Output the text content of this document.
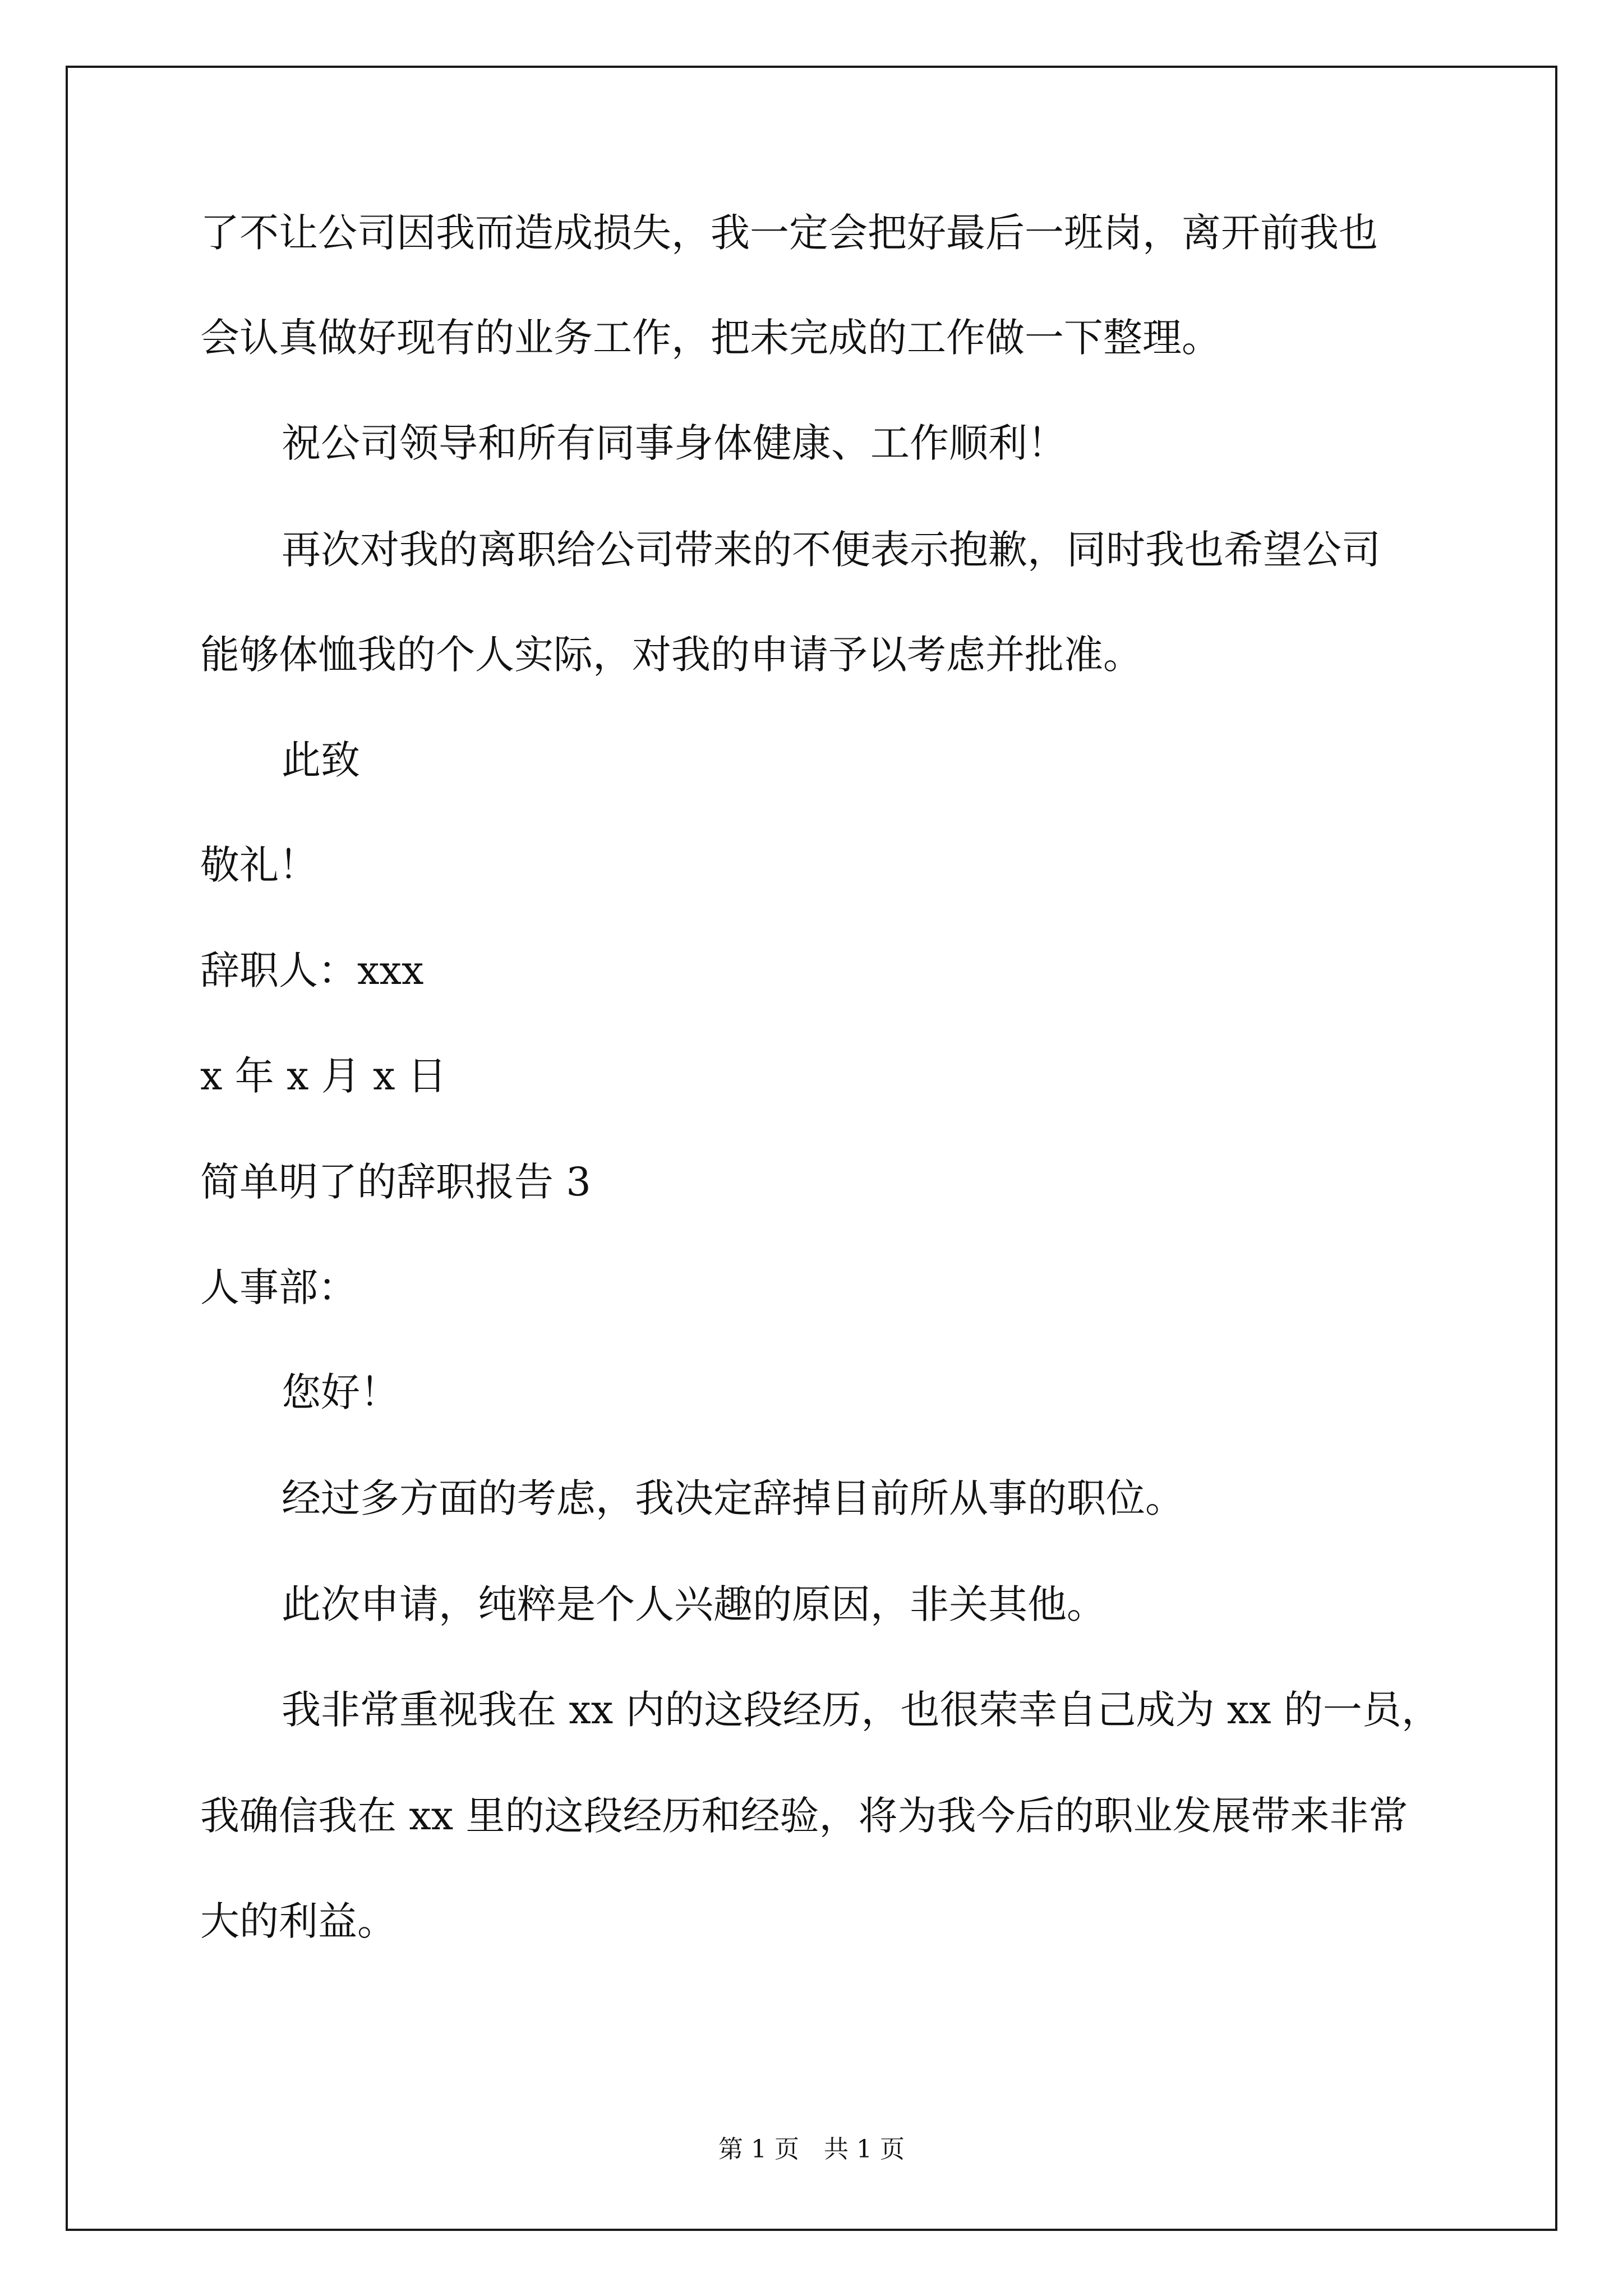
了不让公司因我而造成损失，我一定会把好最后一班岗，离开前我也
会认真做好现有的业务工作，把未完成的工作做一下整理。
祝公司领导和所有同事身体健康、工作顺利！
再次对我的离职给公司带来的不便表示抱歉，同时我也希望公司
能够体恤我的个人实际，对我的申请予以考虑并批准。
此致
敬礼！
辞职人：xxx
x 年 x 月 x 日
简单明了的辞职报告 3
人事部：
您好！
经过多方面的考虑，我决定辞掉目前所从事的职位。
此次申请，纯粹是个人兴趣的原因，非关其他。
我非常重视我在 xx 内的这段经历，也很荣幸自己成为 xx 的一员，
我确信我在 xx 里的这段经历和经验，将为我今后的职业发展带来非常
大的利益。
第 1 页　共 1 页
